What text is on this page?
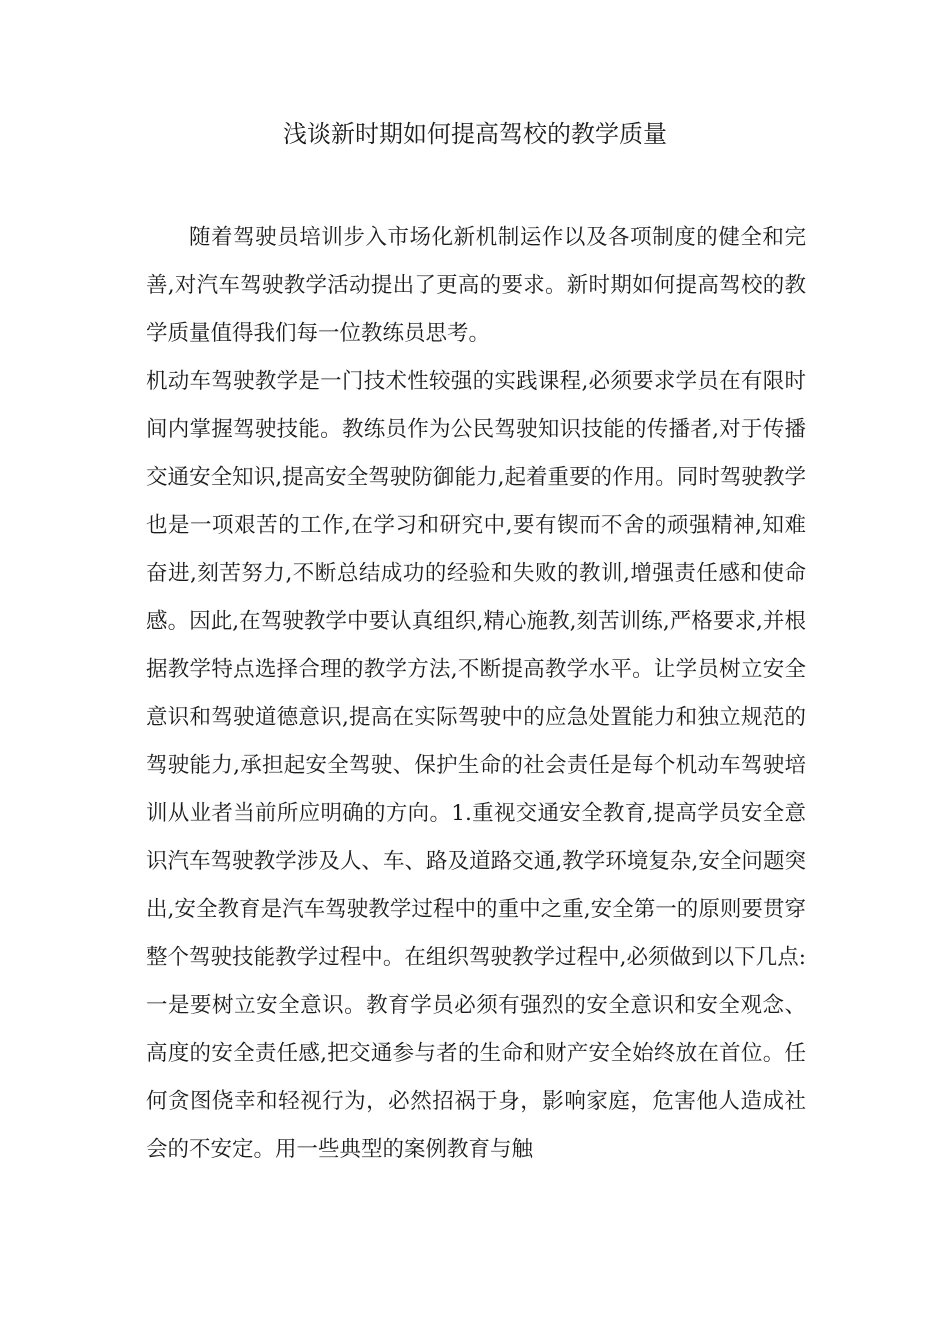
浅谈新时期如何提高驾校的教学质量

随着驾驶员培训步入市场化新机制运作以及各项制度的健全和完善,对汽车驾驶教学活动提出了更高的要求。新时期如何提高驾校的教学质量值得我们每一位教练员思考。

机动车驾驶教学是一门技术性较强的实践课程,必须要求学员在有限时间内掌握驾驶技能。教练员作为公民驾驶知识技能的传播者,对于传播交通安全知识,提高安全驾驶防御能力,起着重要的作用。同时驾驶教学也是一项艰苦的工作,在学习和研究中,要有锲而不舍的顽强精神,知难奋进,刻苦努力,不断总结成功的经验和失败的教训,增强责任感和使命感。因此,在驾驶教学中要认真组织,精心施教,刻苦训练,严格要求,并根据教学特点选择合理的教学方法,不断提高教学水平。让学员树立安全意识和驾驶道德意识,提高在实际驾驶中的应急处置能力和独立规范的驾驶能力,承担起安全驾驶、保护生命的社会责任是每个机动车驾驶培训从业者当前所应明确的方向。1.重视交通安全教育,提高学员安全意识汽车驾驶教学涉及人、车、路及道路交通,教学环境复杂,安全问题突出,安全教育是汽车驾驶教学过程中的重中之重,安全第一的原则要贯穿整个驾驶技能教学过程中。在组织驾驶教学过程中,必须做到以下几点:一是要树立安全意识。教育学员必须有强烈的安全意识和安全观念、高度的安全责任感,把交通参与者的生命和财产安全始终放在首位。任何贪图侥幸和轻视行为，必然招祸于身，影响家庭，危害他人造成社会的不安定。用一些典型的案例教育与触
